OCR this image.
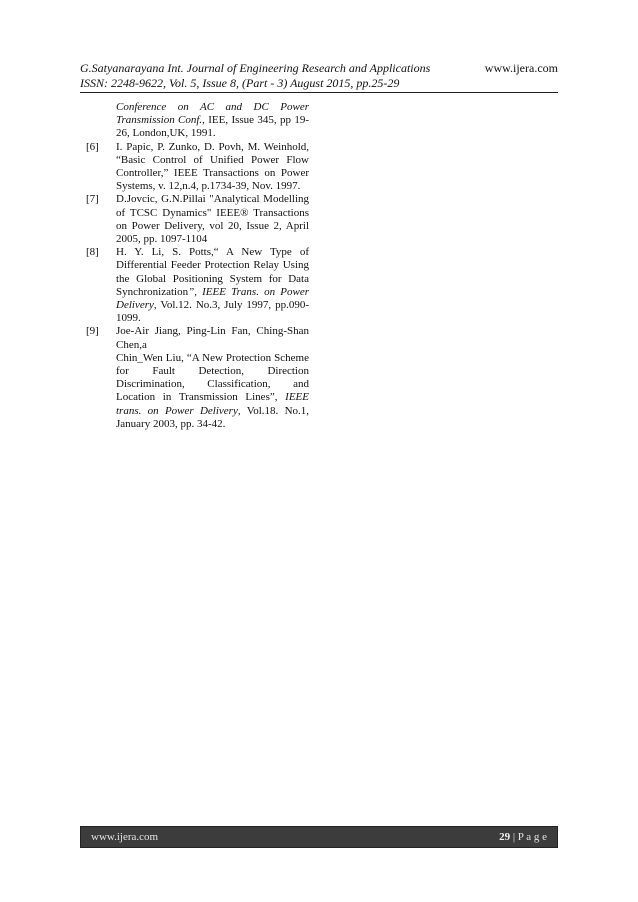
G.Satyanarayana Int. Journal of Engineering Research and Applications
ISSN: 2248-9622, Vol. 5, Issue 8, (Part - 3) August 2015, pp.25-29
www.ijera.com
Conference on AC and DC Power Transmission Conf., IEE, Issue 345, pp 19-26, London,UK, 1991.
[6]	I. Papic, P. Zunko, D. Povh, M. Weinhold, “Basic Control of Unified Power Flow Controller,” IEEE Transactions on Power Systems, v. 12,n.4, p.1734-39, Nov. 1997.
[7]	D.Jovcic, G.N.Pillai "Analytical Modelling of TCSC Dynamics" IEEE® Transactions on Power Delivery, vol 20, Issue 2, April 2005, pp. 1097-1104
[8]	H. Y. Li, S. Potts,“ A New Type of Differential Feeder Protection Relay Using the Global Positioning System for Data Synchronization”, IEEE Trans. on Power Delivery, Vol.12. No.3, July 1997, pp.090-1099.
[9]	Joe-Air Jiang, Ping-Lin Fan, Ching-Shan Chen,a
Chin_Wen Liu, “A New Protection Scheme for Fault Detection, Direction Discrimination, Classification, and Location in Transmission Lines”, IEEE trans. on Power Delivery, Vol.18. No.1, January 2003, pp. 34-42.
www.ijera.com	29 | P a g e
